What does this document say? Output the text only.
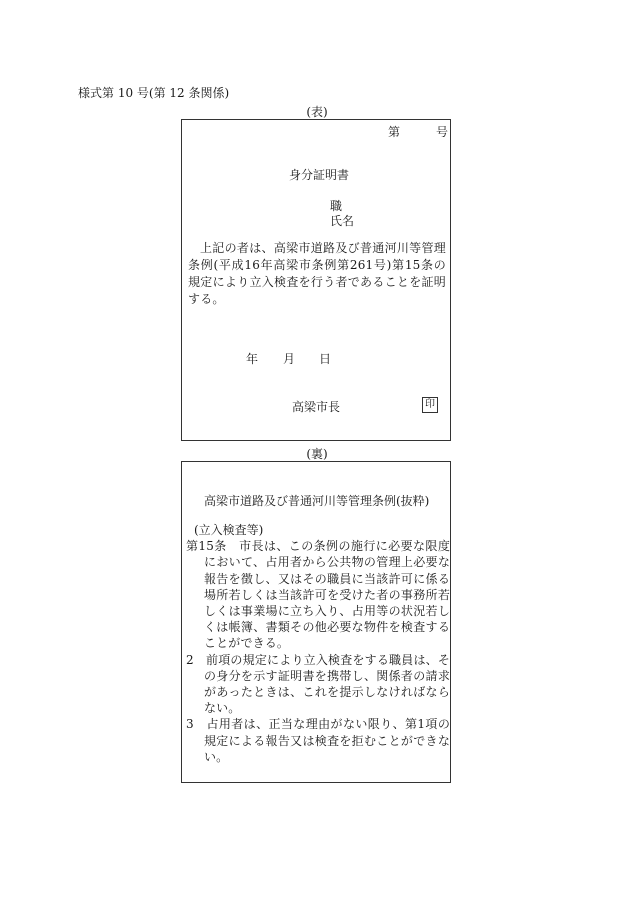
様式第 10 号(第 12 条関係)
(表)
第	号
身分証明書
職
氏名
上記の者は、高梁市道路及び普通河川等管理条例(平成16年高梁市条例第261号)第15条の規定により立入検査を行う者であることを証明する。
年 月 日
高梁市長	印
(裏)
高梁市道路及び普通河川等管理条例(抜粋)
(立入検査等)
第15条　市長は、この条例の施行に必要な限度において、占用者から公共物の管理上必要な報告を徴し、又はその職員に当該許可に係る場所若しくは当該許可を受けた者の事務所若しくは事業場に立ち入り、占用等の状況若しくは帳簿、書類その他必要な物件を検査することができる。
2　前項の規定により立入検査をする職員は、その身分を示す証明書を携帯し、関係者の請求があったときは、これを提示しなければならない。
3　占用者は、正当な理由がない限り、第1項の規定による報告又は検査を拒むことができない。
